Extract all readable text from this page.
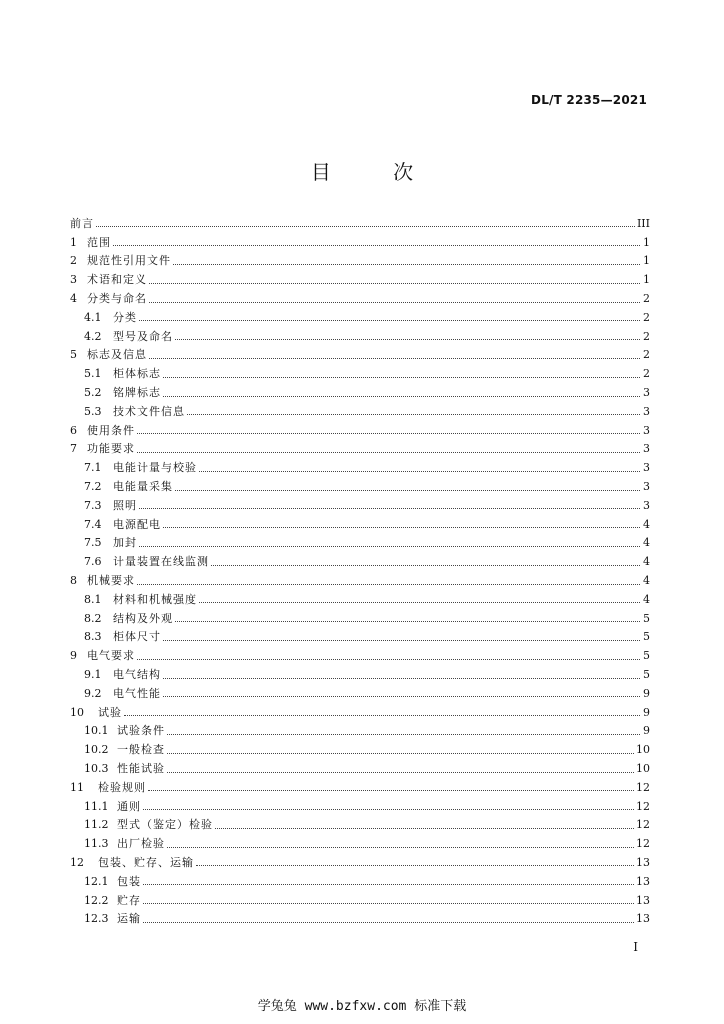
DL/T 2235—2021
目 次
前言	III
1 范围	1
2 规范性引用文件	1
3 术语和定义	1
4 分类与命名	2
4.1	分类	2
4.2	型号及命名	2
5 标志及信息	2
5.1	柜体标志	2
5.2	铭牌标志	3
5.3	技术文件信息	3
6 使用条件	3
7 功能要求	3
7.1	电能计量与校验	3
7.2	电能量采集	3
7.3	照明	3
7.4	电源配电	4
7.5	加封	4
7.6	计量装置在线监测	4
8 机械要求	4
8.1	材料和机械强度	4
8.2	结构及外观	5
8.3	柜体尺寸	5
9 电气要求	5
9.1	电气结构	5
9.2	电气性能	9
10	试验	9
10.1 试验条件	9
10.2 一般检查	10
10.3 性能试验	10
11	检验规则	12
11.1 通则	12
11.2 型式（鉴定）检验	12
11.3 出厂检验	12
12	包装、贮存、运输	13
12.1 包装	13
12.2 贮存	13
12.3 运输	13
I
学兔兔 www.bzfxw.com 标准下载
